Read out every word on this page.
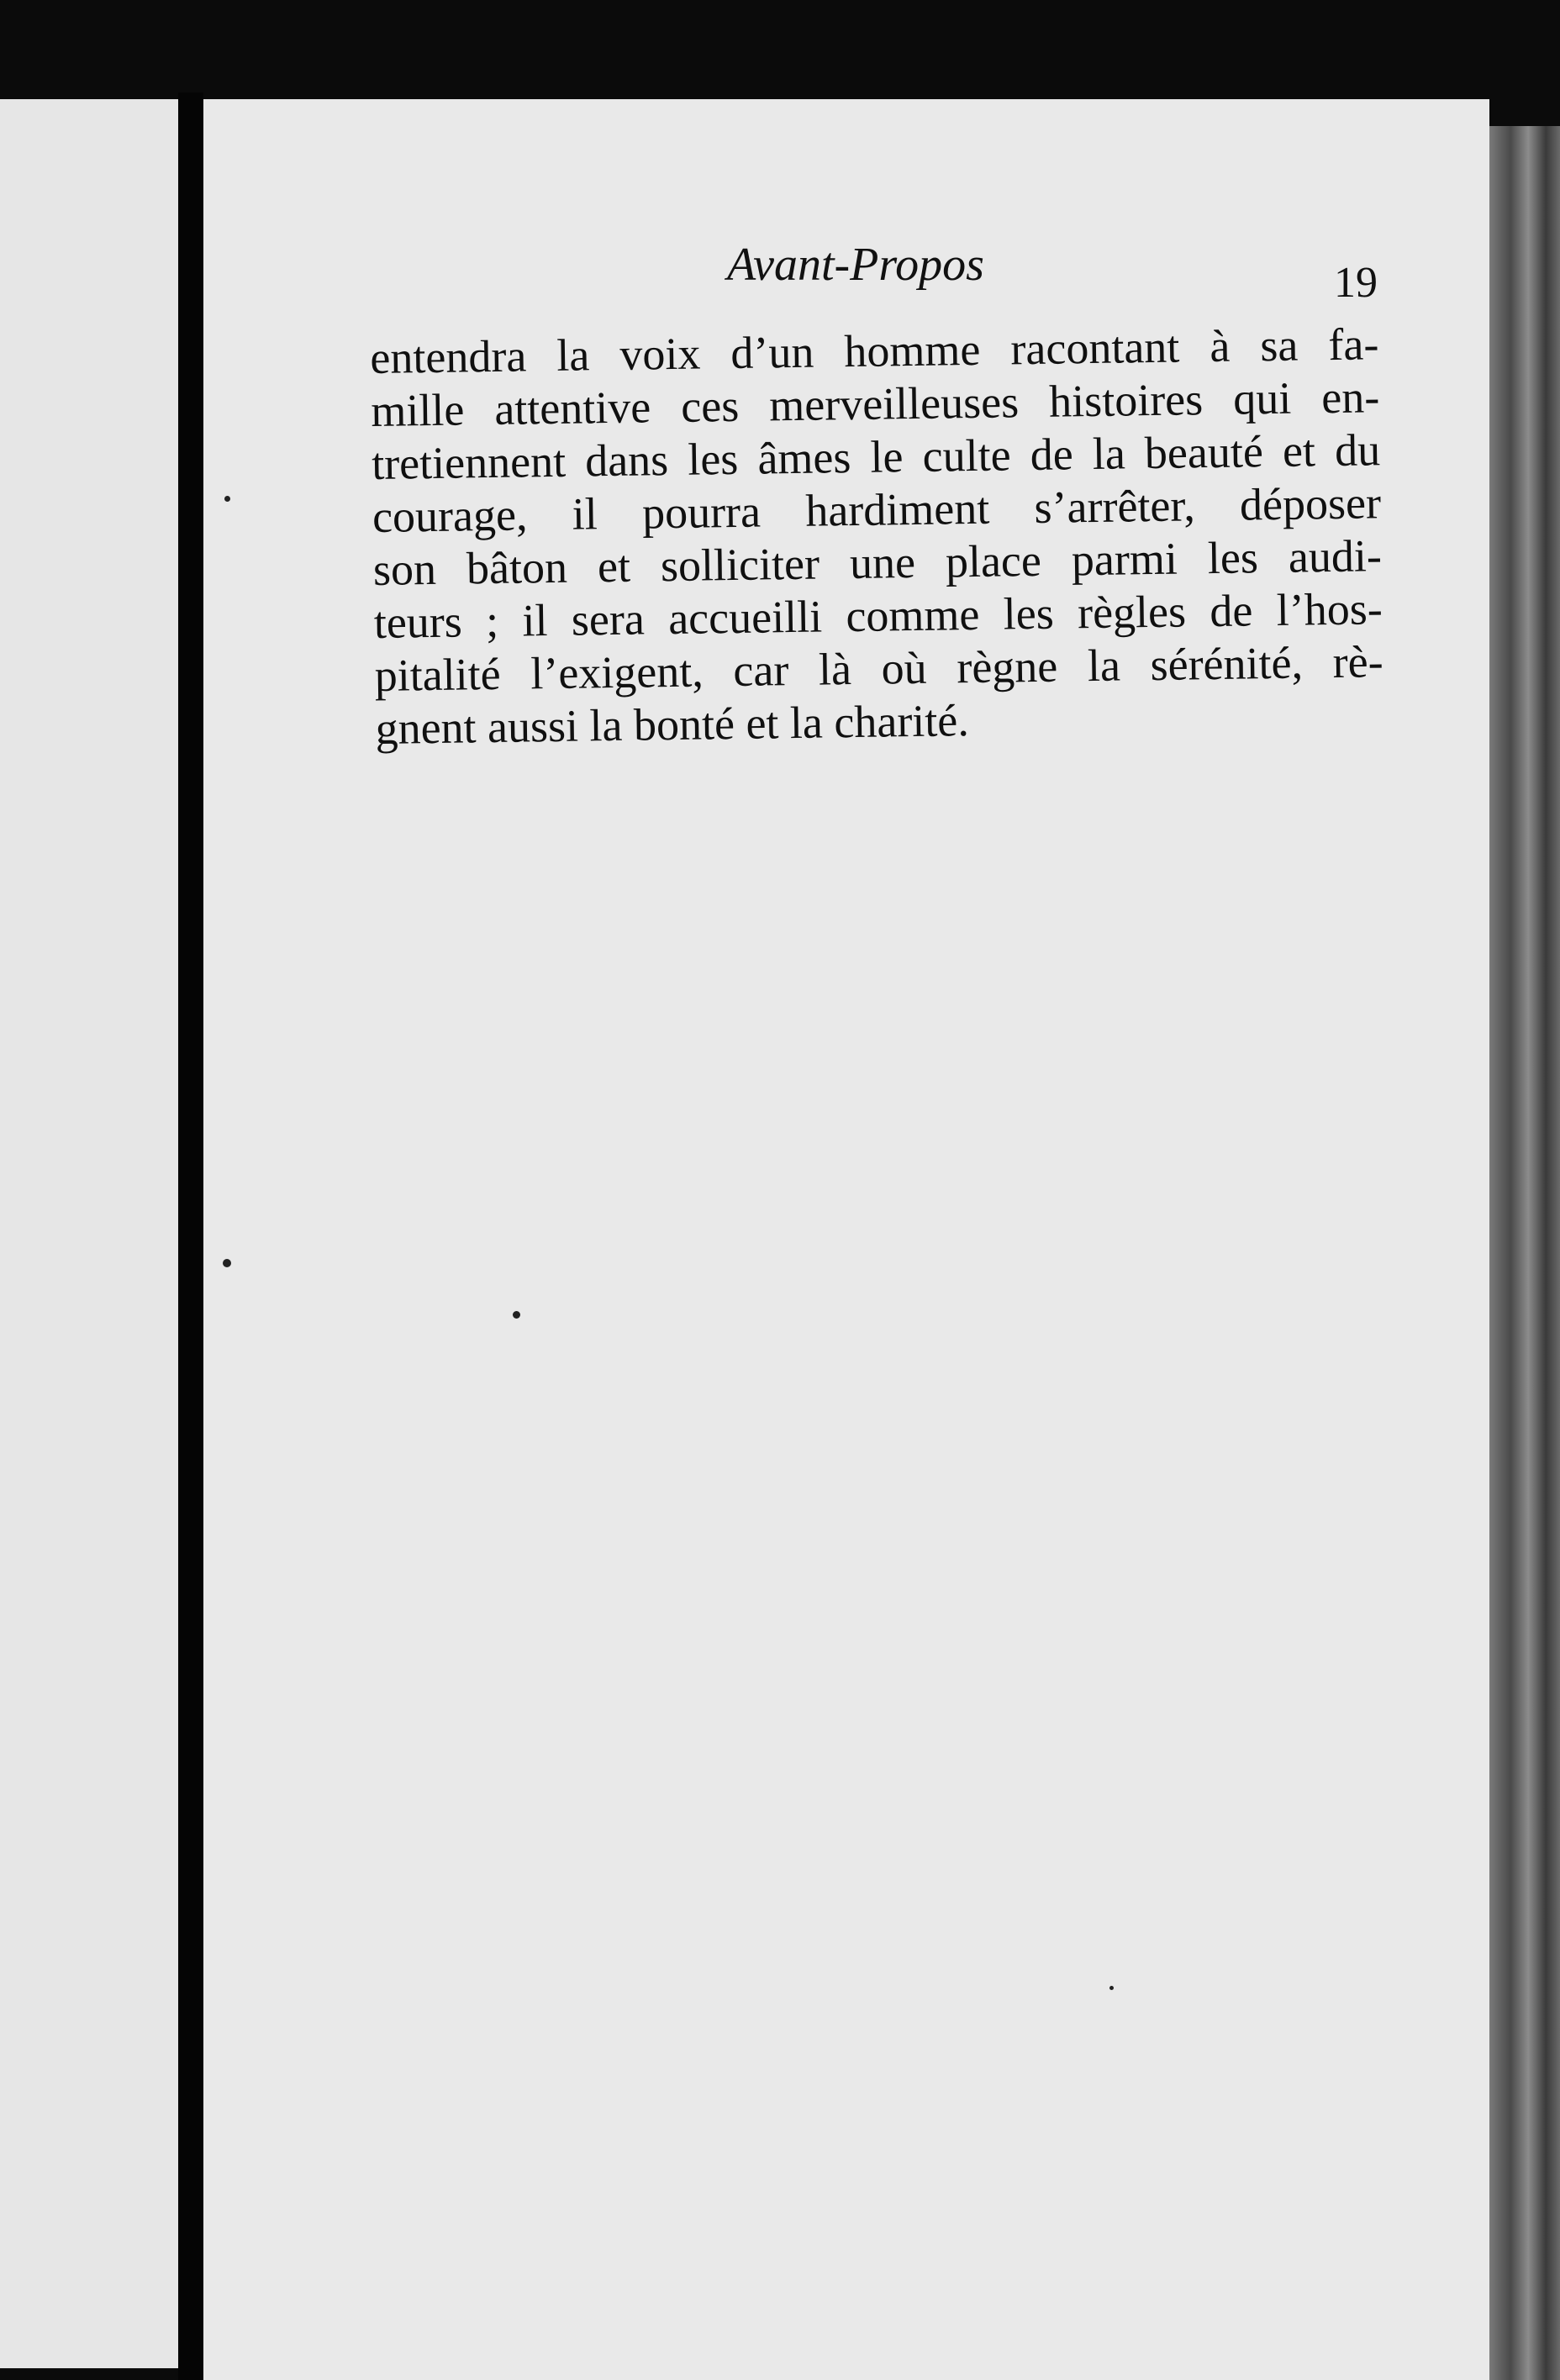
Avant-Propos	19
entendra la voix d’un homme racontant à sa fa-
mille attentive ces merveilleuses histoires qui en-
tretiennent dans les âmes le culte de la beauté et du
courage, il pourra hardiment s’arrêter, déposer
son bâton et solliciter une place parmi les audi-
teurs ; il sera accueilli comme les règles de l’hos-
pitalité l’exigent, car là où règne la sérénité, rè-
gnent aussi la bonté et la charité.
